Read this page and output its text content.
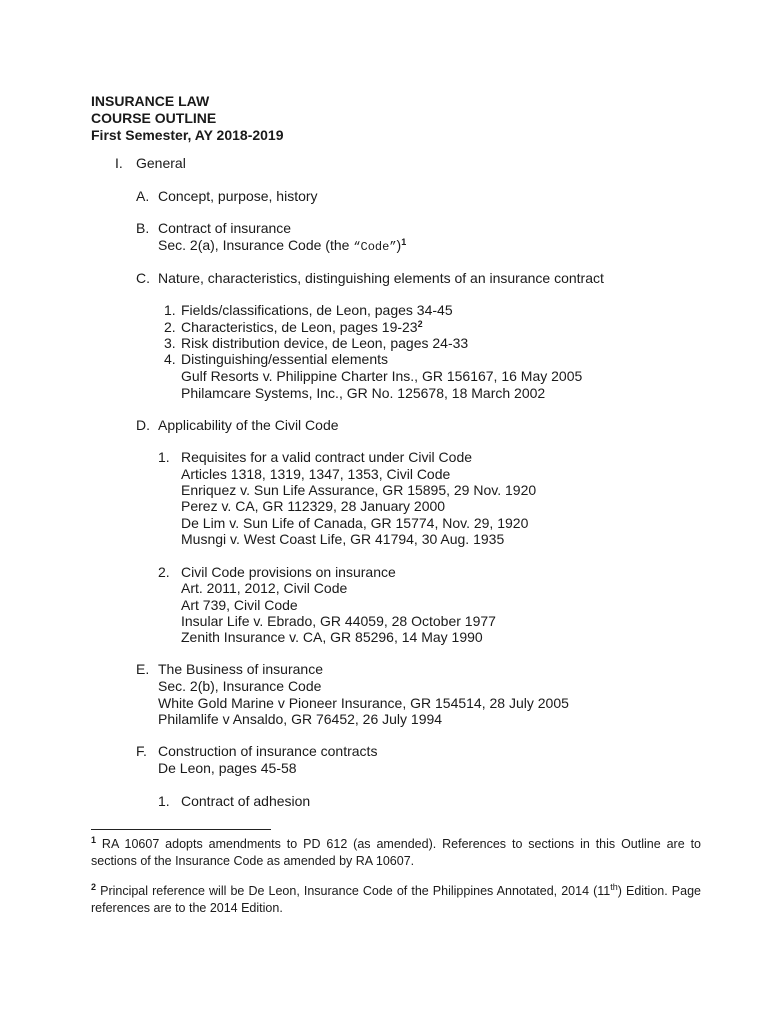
INSURANCE LAW
COURSE OUTLINE
First Semester, AY 2018-2019
I. General
A. Concept, purpose, history
B. Contract of insurance
Sec. 2(a), Insurance Code (the “Code”)$^1$
C. Nature, characteristics, distinguishing elements of an insurance contract
1. Fields/classifications, de Leon, pages 34-45
2. Characteristics, de Leon, pages $19-23^2$
3. Risk distribution device, de Leon, pages 24-33
4. Distinguishing/essential elements
Gulf Resorts v. Philippine Charter Ins., GR 156167, 16 May 2005
Philamcare Systems, Inc., GR No. 125678, 18 March 2002
D. Applicability of the Civil Code
1. Requisites for a valid contract under Civil Code
Articles 1318, 1319, 1347, 1353, Civil Code
Enriquez v. Sun Life Assurance, GR 15895, 29 Nov. 1920
Perez v. CA, GR 112329, 28 January 2000
De Lim v. Sun Life of Canada, GR 15774, Nov. 29, 1920
Musngi v. West Coast Life, GR 41794, 30 Aug. 1935
2. Civil Code provisions on insurance
Art. 2011, 2012, Civil Code
Art 739, Civil Code
Insular Life v. Ebrado, GR 44059, 28 October 1977
Zenith Insurance v. CA, GR 85296, 14 May 1990
E. The Business of insurance
Sec. 2(b), Insurance Code
White Gold Marine v Pioneer Insurance, GR 154514, 28 July 2005
Philamlife v Ansaldo, GR 76452, 26 July 1994
F. Construction of insurance contracts
De Leon, pages 45-58
1. Contract of adhesion
$^1$ RA 10607 adopts amendments to PD 612 (as amended). References to sections in this Outline are to sections of the Insurance Code as amended by RA 10607.
$^2$ Principal reference will be De Leon, Insurance Code of the Philippines Annotated, 2014 (11th) Edition. Page references are to the 2014 Edition.
